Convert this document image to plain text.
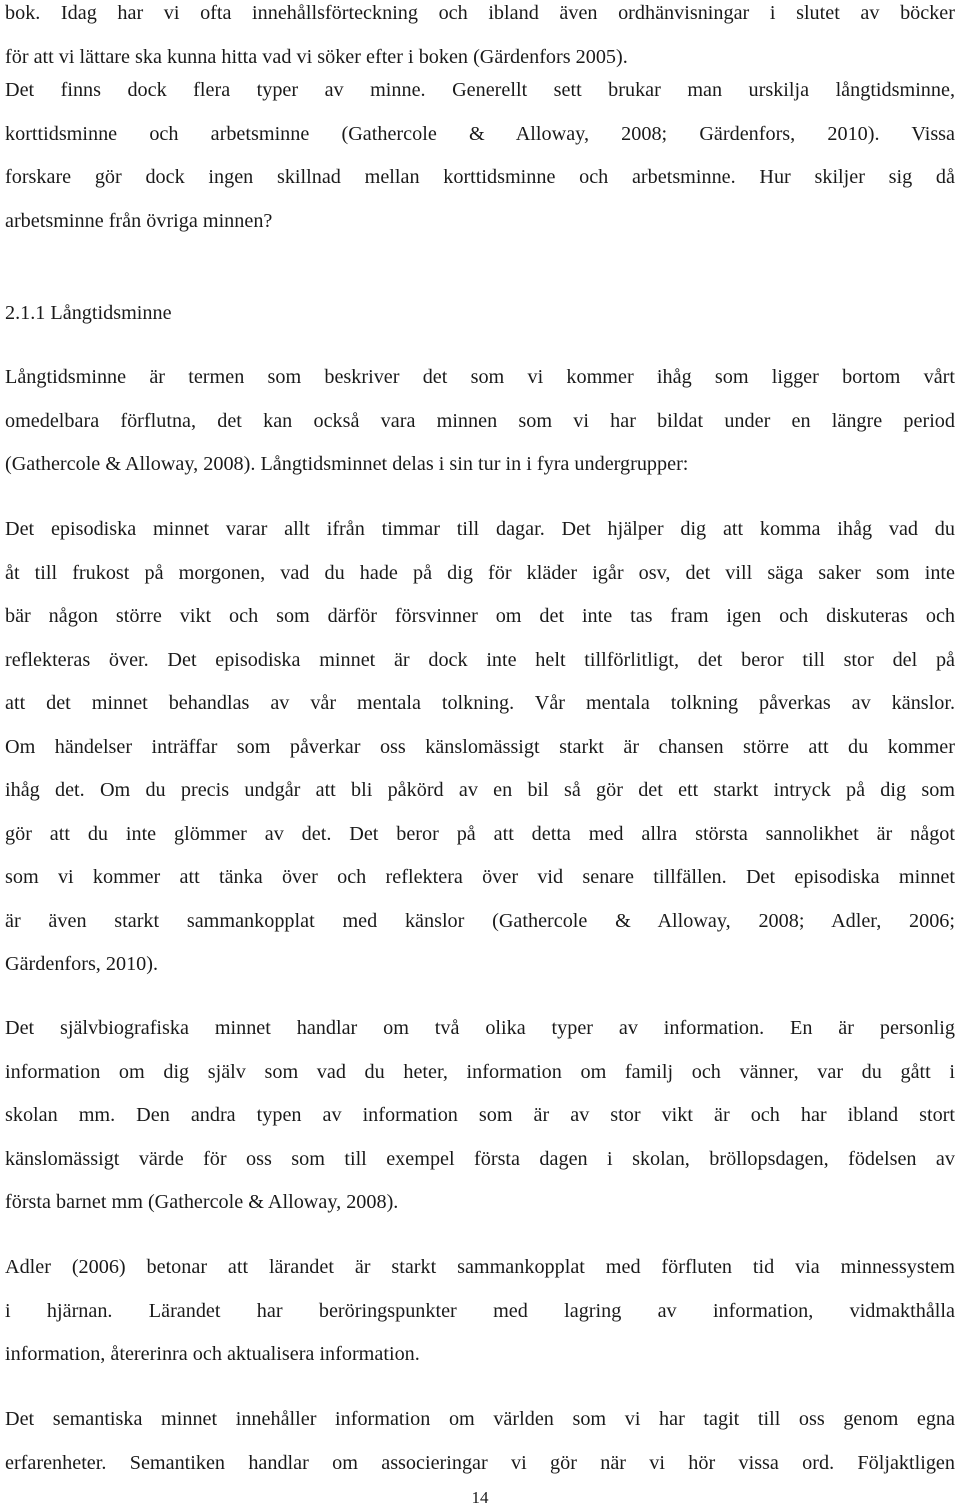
bok. Idag har vi ofta innehållsförteckning och ibland även ordhänvisningar i slutet av böcker
för att vi lättare ska kunna hitta vad vi söker efter i boken (Gärdenfors 2005).
Det finns dock flera typer av minne. Generellt sett brukar man urskilja långtidsminne,
korttidsminne och arbetsminne (Gathercole & Alloway, 2008; Gärdenfors, 2010). Vissa
forskare gör dock ingen skillnad mellan korttidsminne och arbetsminne. Hur skiljer sig då
arbetsminne från övriga minnen?
2.1.1 Långtidsminne
Långtidsminne är termen som beskriver det som vi kommer ihåg som ligger bortom vårt
omedelbara förflutna, det kan också vara minnen som vi har bildat under en längre period
(Gathercole & Alloway, 2008). Långtidsminnet delas i sin tur in i fyra undergrupper:
Det episodiska minnet varar allt ifrån timmar till dagar. Det hjälper dig att komma ihåg vad du
åt till frukost på morgonen, vad du hade på dig för kläder igår osv, det vill säga saker som inte
bär någon större vikt och som därför försvinner om det inte tas fram igen och diskuteras och
reflekteras över. Det episodiska minnet är dock inte helt tillförlitligt, det beror till stor del på
att det minnet behandlas av vår mentala tolkning. Vår mentala tolkning påverkas av känslor.
Om händelser inträffar som påverkar oss känslomässigt starkt är chansen större att du kommer
ihåg det. Om du precis undgår att bli påkörd av en bil så gör det ett starkt intryck på dig som
gör att du inte glömmer av det. Det beror på att detta med allra största sannolikhet är något
som vi kommer att tänka över och reflektera över vid senare tillfällen. Det episodiska minnet
är även starkt sammankopplat med känslor (Gathercole & Alloway, 2008; Adler, 2006;
Gärdenfors, 2010).
Det självbiografiska minnet handlar om två olika typer av information. En är personlig
information om dig själv som vad du heter, information om familj och vänner, var du gått i
skolan mm. Den andra typen av information som är av stor vikt är och har ibland stort
känslomässigt värde för oss som till exempel första dagen i skolan, bröllopsdagen, födelsen av
första barnet mm (Gathercole & Alloway, 2008).
Adler (2006) betonar att lärandet är starkt sammankopplat med förfluten tid via minnessystem
i hjärnan. Lärandet har beröringspunkter med lagring av information, vidmakthålla
information, återerinra och aktualisera information.
Det semantiska minnet innehåller information om världen som vi har tagit till oss genom egna
erfarenheter. Semantiken handlar om associeringar vi gör när vi hör vissa ord. Följaktligen
14
